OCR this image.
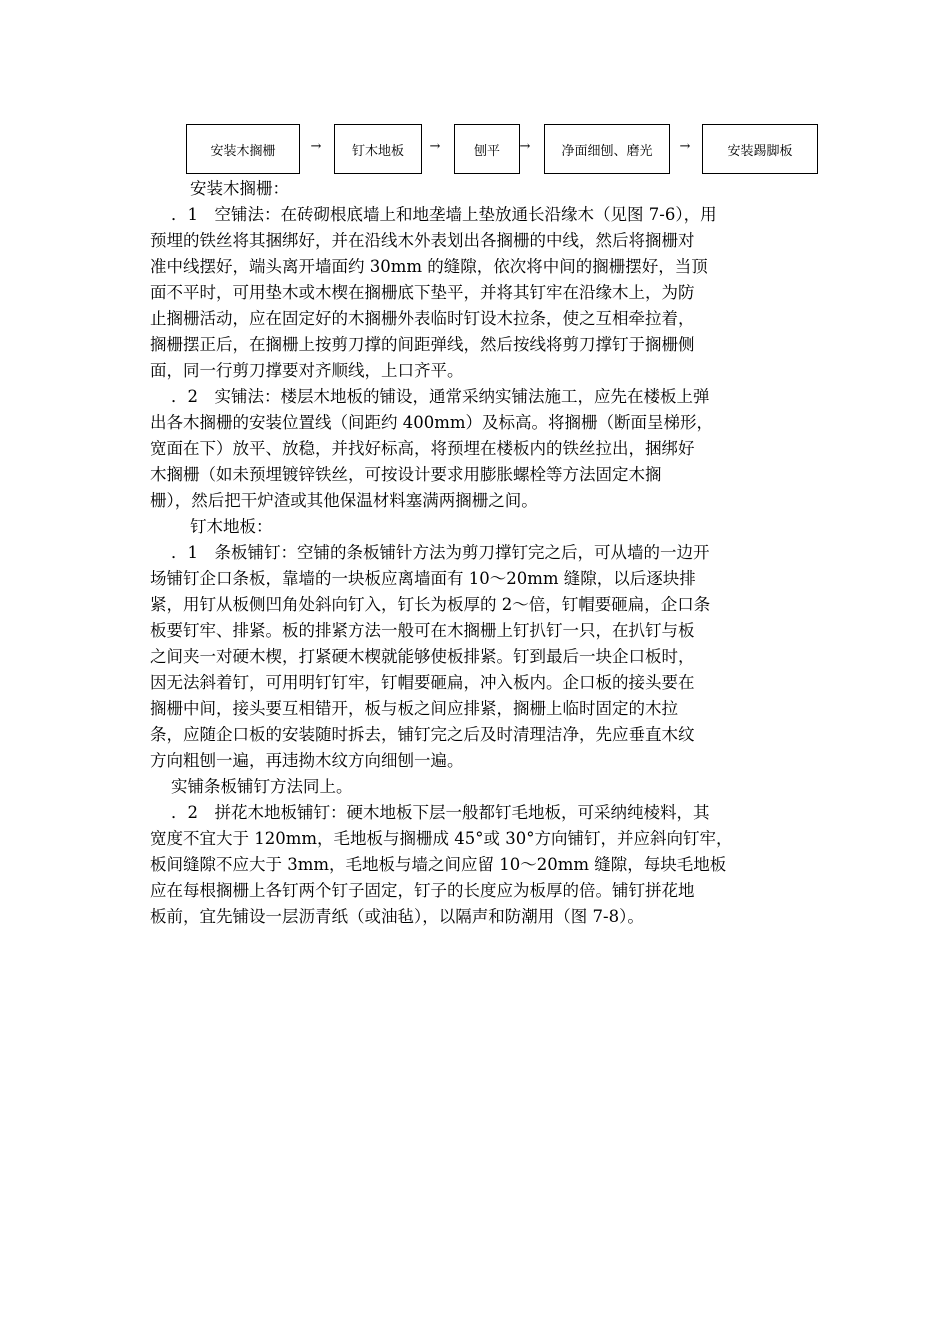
安装木搁栅	→	钉木地板	→	刨平	→	净面细刨、磨光	→	安装踢脚板
安装木搁栅：
．1　空铺法：在砖砌根底墙上和地垄墙上垫放通长沿缘木（见图 7-6），用
预埋的铁丝将其捆绑好，并在沿线木外表划出各搁栅的中线，然后将搁栅对
准中线摆好，端头离开墙面约 30mm 的缝隙，依次将中间的搁栅摆好，当顶
面不平时，可用垫木或木楔在搁栅底下垫平，并将其钉牢在沿缘木上，为防
止搁栅活动，应在固定好的木搁栅外表临时钉设木拉条，使之互相牵拉着，
搁栅摆正后，在搁栅上按剪刀撑的间距弹线，然后按线将剪刀撑钉于搁栅侧
面，同一行剪刀撑要对齐顺线，上口齐平。
．2　实铺法：楼层木地板的铺设，通常采纳实铺法施工，应先在楼板上弹
出各木搁栅的安装位置线（间距约 400mm）及标高。将搁栅（断面呈梯形，
宽面在下）放平、放稳，并找好标高，将预埋在楼板内的铁丝拉出，捆绑好
木搁栅（如未预埋镀锌铁丝，可按设计要求用膨胀螺栓等方法固定木搁
栅），然后把干炉渣或其他保温材料塞满两搁栅之间。
钉木地板：
．1　条板铺钉：空铺的条板铺针方法为剪刀撑钉完之后，可从墙的一边开
场铺钉企口条板，靠墙的一块板应离墙面有 10～20mm 缝隙，以后逐块排
紧，用钉从板侧凹角处斜向钉入，钉长为板厚的 2～倍，钉帽要砸扁，企口条
板要钉牢、排紧。板的排紧方法一般可在木搁栅上钉扒钉一只，在扒钉与板
之间夹一对硬木楔，打紧硬木楔就能够使板排紧。钉到最后一块企口板时，
因无法斜着钉，可用明钉钉牢，钉帽要砸扁，冲入板内。企口板的接头要在
搁栅中间，接头要互相错开，板与板之间应排紧，搁栅上临时固定的木拉
条，应随企口板的安装随时拆去，铺钉完之后及时清理洁净，先应垂直木纹
方向粗刨一遍，再违拗木纹方向细刨一遍。
实铺条板铺钉方法同上。
．2　拼花木地板铺钉：硬木地板下层一般都钉毛地板，可采纳纯棱料，其
宽度不宜大于 120mm，毛地板与搁栅成 45°或 30°方向铺钉，并应斜向钉牢，
板间缝隙不应大于 3mm，毛地板与墙之间应留 10～20mm 缝隙，每块毛地板
应在每根搁栅上各钉两个钉子固定，钉子的长度应为板厚的倍。铺钉拼花地
板前，宜先铺设一层沥青纸（或油毡），以隔声和防潮用（图 7-8）。
